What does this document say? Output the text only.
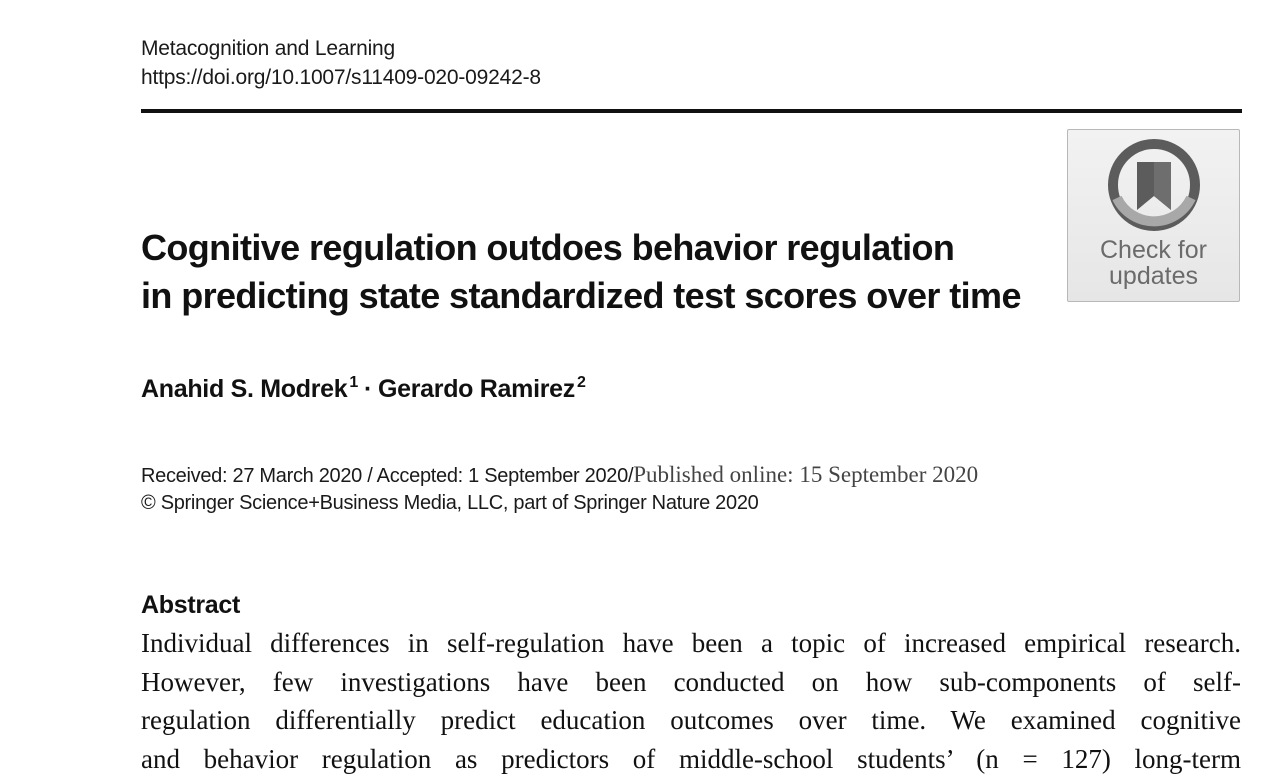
Metacognition and Learning
https://doi.org/10.1007/s11409-020-09242-8
Check for
updates
Cognitive regulation outdoes behavior regulation
in predicting state standardized test scores over time
Anahid S. Modrek $^1$ · Gerardo Ramirez $^2$
Received: 27 March 2020 / Accepted: 1 September 2020/Published online: 15 September 2020
© Springer Science+Business Media, LLC, part of Springer Nature 2020
Abstract
Individual differences in self-regulation have been a topic of increased empirical research.
However, few investigations have been conducted on how sub-components of self-
regulation differentially predict education outcomes over time. We examined cognitive
and behavior regulation as predictors of middle-school students’ (n = 127) long-term
